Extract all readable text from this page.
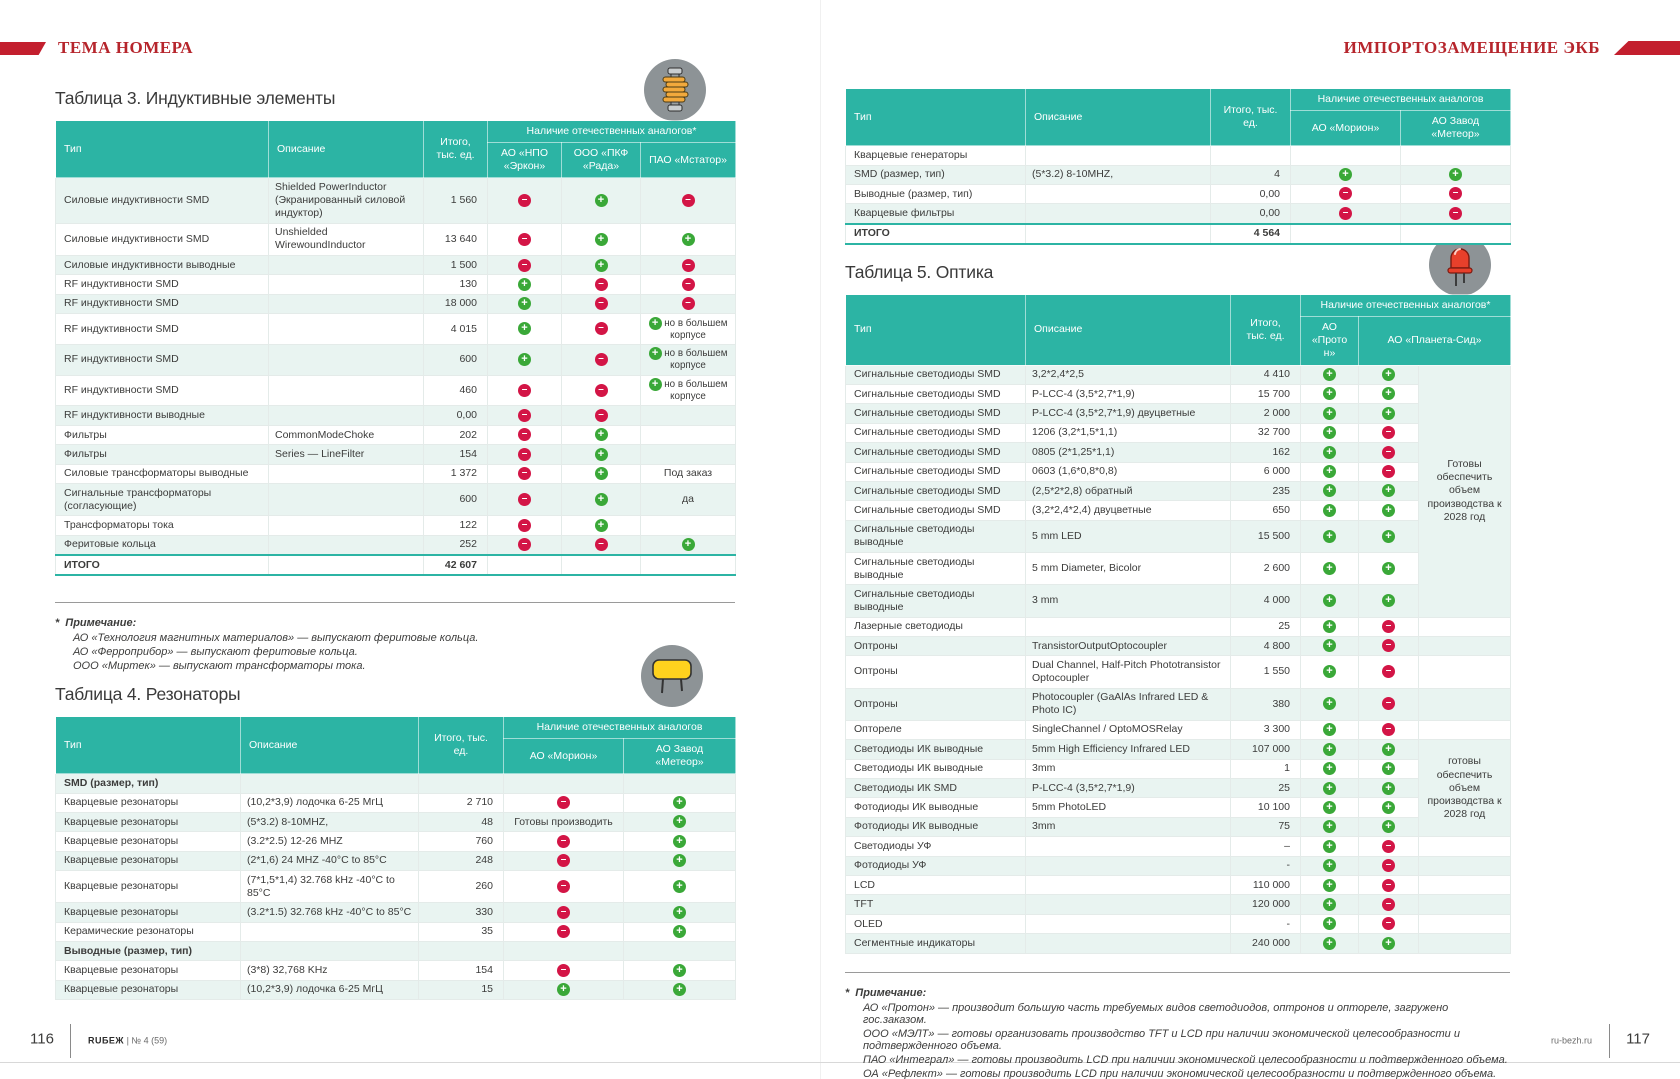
ТЕМА НОМЕРА	ИМПОРТОЗАМЕЩЕНИЕ ЭКБ
Таблица 3. Индуктивные элементы
Тип	Описание	Итого, тыс. ед.	Наличие отечественных аналогов*		
			АО «НПО «Эркон»	ООО «ПКФ «Рада»	ПАО «Мстатор»
Силовые индуктивности SMD	Shielded PowerInductor (Экранированный силовой индуктор)	1 560	–	+	–
Силовые индуктивности SMD	Unshielded WirewoundInductor	13 640	–	+	+
Силовые индуктивности выводные		1 500	–	+	–
RF индуктивности SMD		130	+	–	–
RF индуктивности SMD		18 000	+	–	–
RF индуктивности SMD		4 015	+	–	+ но в большем корпусе
RF индуктивности SMD		600	+	–	+ но в большем корпусе
RF индуктивности SMD		460	–	–	+ но в большем корпусе
RF индуктивности выводные		0,00	–	–	
Фильтры	CommonModeChoke	202	–	+	
Фильтры	Series — LineFilter	154	–	+	
Силовые трансформаторы выводные		1 372	–	+	Под заказ
Сигнальные трансформаторы (согласующие)		600	–	+	да
Трансформаторы тока		122	–	+	
Феритовые кольца		252	–	–	+
ИТОГО		42 607			
* Примечание:
АО «Технология магнитных материалов» — выпускают феритовые кольца.
АО «Ферроприбор» — выпускают феритовые кольца.
ООО «Миртек» — выпускают трансформаторы тока.
Таблица 4. Резонаторы
Тип	Описание	Итого, тыс. ед.	Наличие отечественных аналогов	
			АО «Морион»	АО Завод «Метеор»
SMD (размер, тип)				
Кварцевые резонаторы	(10,2*3,9) лодочка 6-25 МгЦ	2 710	–	+
Кварцевые резонаторы	(5*3.2) 8-10MHZ,	48	Готовы производить	+
Кварцевые резонаторы	(3.2*2.5) 12-26 MHZ	760	–	+
Кварцевые резонаторы	(2*1,6) 24 MHZ -40°C to 85°C	248	–	+
Кварцевые резонаторы	(7*1,5*1,4) 32.768 kHz -40°C to 85°C	260	–	+
Кварцевые резонаторы	(3.2*1.5) 32.768 kHz -40°C to 85°C	330	–	+
Керамические резонаторы		35	–	+
Выводные (размер, тип)				
Кварцевые резонаторы	(3*8) 32,768 KHz	154	–	+
Кварцевые резонаторы	(10,2*3,9) лодочка 6-25 МгЦ	15	+	+
Тип	Описание	Итого, тыс. ед.	Наличие отечественных аналогов	
			АО «Морион»	АО Завод «Метеор»
Кварцевые генераторы				
SMD (размер, тип)	(5*3.2) 8-10MHZ,	4	+	+
Выводные (размер, тип)		0,00	–	–
Кварцевые фильтры		0,00	–	–
ИТОГО		4 564		
Таблица 5. Оптика
Тип	Описание	Итого, тыс. ед.	Наличие отечественных аналогов*		
			АО «Протон»	АО «Планета-Сид»	
Сигнальные светодиоды SMD	3,2*2,4*2,5	4 410	+	+	Готовы обеспечить объем производства к 2028 год
Сигнальные светодиоды SMD	P-LCC-4 (3,5*2,7*1,9)	15 700	+	+	
Сигнальные светодиоды SMD	P-LCC-4 (3,5*2,7*1,9) двуцветные	2 000	+	+	
Сигнальные светодиоды SMD	1206 (3,2*1,5*1,1)	32 700	+	–	
Сигнальные светодиоды SMD	0805 (2*1,25*1,1)	162	+	–	
Сигнальные светодиоды SMD	0603 (1,6*0,8*0,8)	6 000	+	–	
Сигнальные светодиоды SMD	(2,5*2*2,8) обратный	235	+	+	
Сигнальные светодиоды SMD	(3,2*2,4*2,4) двуцветные	650	+	+	
Сигнальные светодиоды выводные	5 mm LED	15 500	+	+	
Сигнальные светодиоды выводные	5 mm Diameter, Bicolor	2 600	+	+	
Сигнальные светодиоды выводные	3 mm	4 000	+	+	
Лазерные светодиоды		25	+	–	
Оптроны	TransistorOutputOptocoupler	4 800	+	–	
Оптроны	Dual Channel, Half-Pitch Phototransistor Optocoupler	1 550	+	–	
Оптроны	Photocoupler (GaAlAs Infrared LED & Photo IC)	380	+	–	
Оптореле	SingleChannel / OptoMOSRelay	3 300	+	–	
Светодиоды ИК выводные	5mm High Efficiency Infrared LED	107 000	+	+	готовы обеспечить объем производства к 2028 год
Светодиоды ИК выводные	3mm	1	+	+	
Светодиоды ИК SMD	P-LCC-4 (3,5*2,7*1,9)	25	+	+	
Фотодиоды ИК выводные	5mm PhotoLED	10 100	+	+	
Фотодиоды ИК выводные	3mm	75	+	+	
Светодиоды УФ		–	+	–	
Фотодиоды УФ		-	+	–	
LCD		110 000	+	–	
TFT		120 000	+	–	
OLED		-	+	–	
Сегментные индикаторы		240 000	+	+	
* Примечание:
АО «Протон» — производит большую часть требуемых видов светодиодов, оптронов и оптореле, загружено гос.заказом.
ООО «МЭЛТ» — готовы организовать производство TFT и LCD при наличии экономической целесообразности и подтвержденного объема.
ПАО «Интеграл» — готовы производить LCD при наличии экономической целесообразности и подтвержденного объема.
ОА «Рефлект» — готовы производить LCD при наличии экономической целесообразности и подтвержденного объема.
116	RUБЕЖ | № 4 (59)	ru-bezh.ru 117
